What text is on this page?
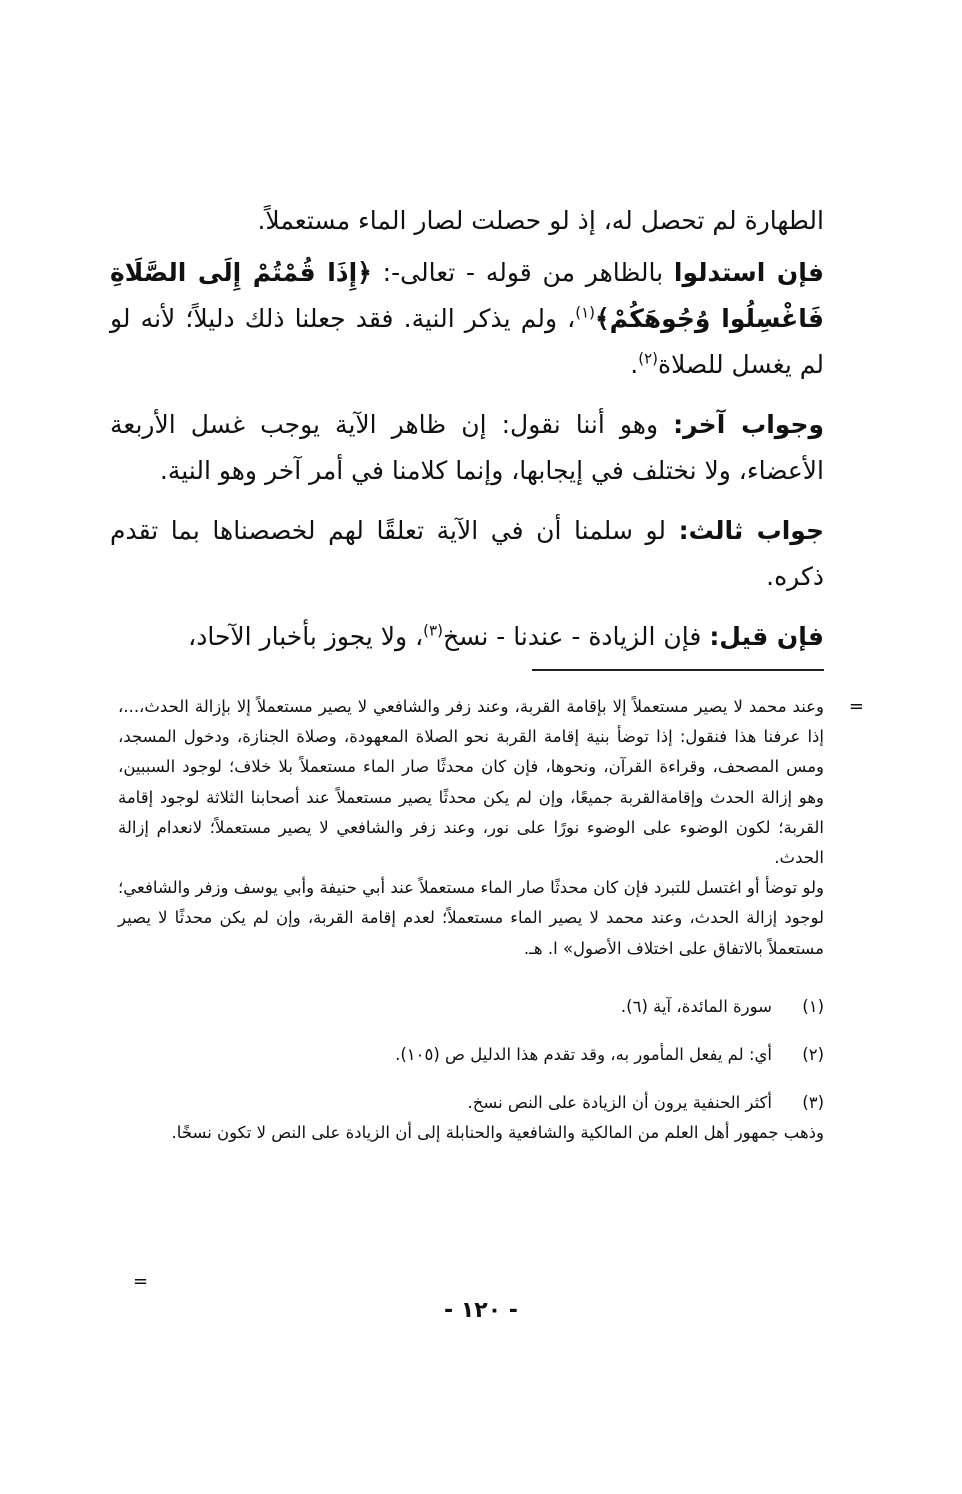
الطهارة لم تحصل له، إذ لو حصلت لصار الماء مستعملاً.

فإن استدلوا بالظاهر من قوله - تعالى-: ﴿إِذَا قُمْتُمْ إِلَى الصَّلَاةِ فَاغْسِلُوا وُجُوهَكُمْ﴾$^{(١)}$، ولم يذكر النية. فقد جعلنا ذلك دليلاً؛ لأنه لو لم يغسل للصلاة$^{(٢)}$.

وجواب آخر: وهو أننا نقول: إن ظاهر الآية يوجب غسل الأربعة الأعضاء، ولا نختلف في إيجابها، وإنما كلامنا في أمر آخر وهو النية.

جواب ثالث: لو سلمنا أن في الآية تعلقًا لهم لخصصناها بما تقدم ذكره.

فإن قيل: فإن الزيادة - عندنا - نسخ$^{(٣)}$، ولا يجوز بأخبار الآحاد،

=

وعند محمد لا يصير مستعملاً إلا بإقامة القربة، وعند زفر والشافعي لا يصير مستعملاً إلا بإزالة الحدث،...، إذا عرفنا هذا فنقول: إذا توضأ بنية إقامة القربة نحو الصلاة المعهودة، وصلاة الجنازة، ودخول المسجد، ومس المصحف، وقراءة القرآن، ونحوها، فإن كان محدثًا صار الماء مستعملاً بلا خلاف؛ لوجود السببين، وهو إزالة الحدث وإقامةالقربة جميعًا، وإن لم يكن محدثًا يصير مستعملاً عند أصحابنا الثلاثة لوجود إقامة القربة؛ لكون الوضوء على الوضوء نورًا على نور، وعند زفر والشافعي لا يصير مستعملاً؛ لانعدام إزالة الحدث.

ولو توضأ أو اغتسل للتبرد فإن كان محدثًا صار الماء مستعملاً عند أبي حنيفة وأبي يوسف وزفر والشافعي؛ لوجود إزالة الحدث، وعند محمد لا يصير الماء مستعملاً؛ لعدم إقامة القربة، وإن لم يكن محدثًا لا يصير مستعملاً بالاتفاق على اختلاف الأصول» ا. هـ.

(١)
سورة المائدة، آية (٦).
(٢)
أي: لم يفعل المأمور به، وقد تقدم هذا الدليل ص (١٠٥).
(٣)
أكثر الحنفية يرون أن الزيادة على النص نسخ.

وذهب جمهور أهل العلم من المالكية والشافعية والحنابلة إلى أن الزيادة على النص لا تكون نسخًا.

=
- ١٢٠ -
